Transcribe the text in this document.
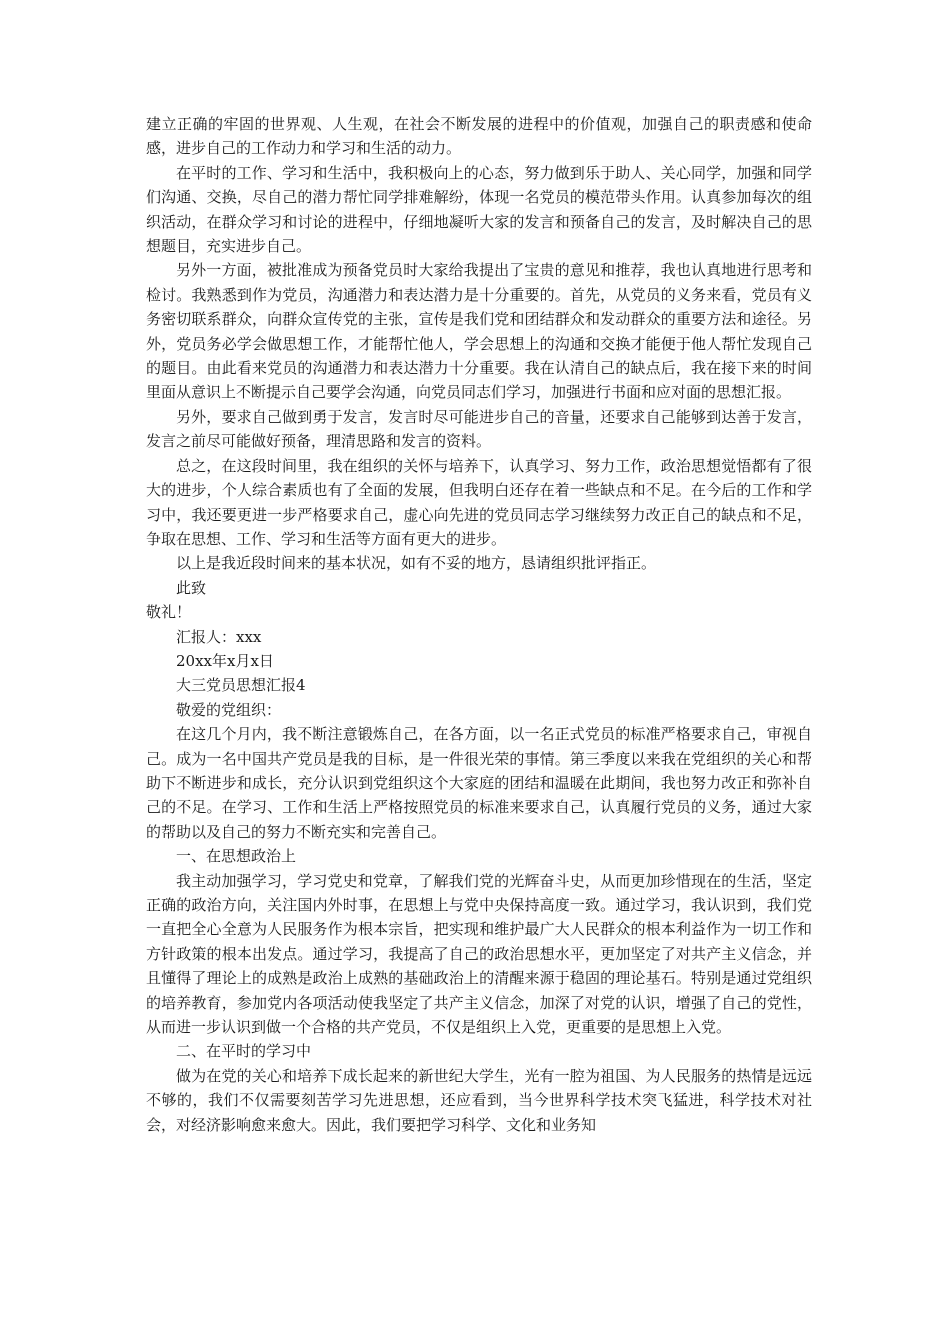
建立正确的牢固的世界观、人生观，在社会不断发展的进程中的价值观，加强自己的职责感和使命感，进步自己的工作动力和学习和生活的动力。

在平时的工作、学习和生活中，我积极向上的心态，努力做到乐于助人、关心同学，加强和同学们沟通、交换，尽自己的潜力帮忙同学排难解纷，体现一名党员的模范带头作用。认真参加每次的组织活动，在群众学习和讨论的进程中，仔细地凝听大家的发言和预备自己的发言，及时解决自己的思想题目，充实进步自己。

另外一方面，被批准成为预备党员时大家给我提出了宝贵的意见和推荐，我也认真地进行思考和检讨。我熟悉到作为党员，沟通潜力和表达潜力是十分重要的。首先，从党员的义务来看，党员有义务密切联系群众，向群众宣传党的主张，宣传是我们党和团结群众和发动群众的重要方法和途径。另外，党员务必学会做思想工作，才能帮忙他人，学会思想上的沟通和交换才能便于他人帮忙发现自己的题目。由此看来党员的沟通潜力和表达潜力十分重要。我在认清自己的缺点后，我在接下来的时间里面从意识上不断提示自己要学会沟通，向党员同志们学习，加强进行书面和应对面的思想汇报。

另外，要求自己做到勇于发言，发言时尽可能进步自己的音量，还要求自己能够到达善于发言，发言之前尽可能做好预备，理清思路和发言的资料。

总之，在这段时间里，我在组织的关怀与培养下，认真学习、努力工作，政治思想觉悟都有了很大的进步，个人综合素质也有了全面的发展，但我明白还存在着一些缺点和不足。在今后的工作和学习中，我还要更进一步严格要求自己，虚心向先进的党员同志学习继续努力改正自己的缺点和不足，争取在思想、工作、学习和生活等方面有更大的进步。

以上是我近段时间来的基本状况，如有不妥的地方，恳请组织批评指正。

此致

敬礼！

汇报人：xxx

20xx年x月x日

大三党员思想汇报4

敬爱的党组织：

在这几个月内，我不断注意锻炼自己，在各方面，以一名正式党员的标准严格要求自己，审视自己。成为一名中国共产党员是我的目标，是一件很光荣的事情。第三季度以来我在党组织的关心和帮助下不断进步和成长，充分认识到党组织这个大家庭的团结和温暖在此期间，我也努力改正和弥补自己的不足。在学习、工作和生活上严格按照党员的标准来要求自己，认真履行党员的义务，通过大家的帮助以及自己的努力不断充实和完善自己。

一、在思想政治上

我主动加强学习，学习党史和党章，了解我们党的光辉奋斗史，从而更加珍惜现在的生活，坚定正确的政治方向，关注国内外时事，在思想上与党中央保持高度一致。通过学习，我认识到，我们党一直把全心全意为人民服务作为根本宗旨，把实现和维护最广大人民群众的根本利益作为一切工作和方针政策的根本出发点。通过学习，我提高了自己的政治思想水平，更加坚定了对共产主义信念，并且懂得了理论上的成熟是政治上成熟的基础政治上的清醒来源于稳固的理论基石。特别是通过党组织的培养教育，参加党内各项活动使我坚定了共产主义信念，加深了对党的认识，增强了自己的党性，从而进一步认识到做一个合格的共产党员，不仅是组织上入党，更重要的是思想上入党。

二、在平时的学习中

做为在党的关心和培养下成长起来的新世纪大学生，光有一腔为祖国、为人民服务的热情是远远不够的，我们不仅需要刻苦学习先进思想，还应看到，当今世界科学技术突飞猛进，科学技术对社会，对经济影响愈来愈大。因此，我们要把学习科学、文化和业务知
